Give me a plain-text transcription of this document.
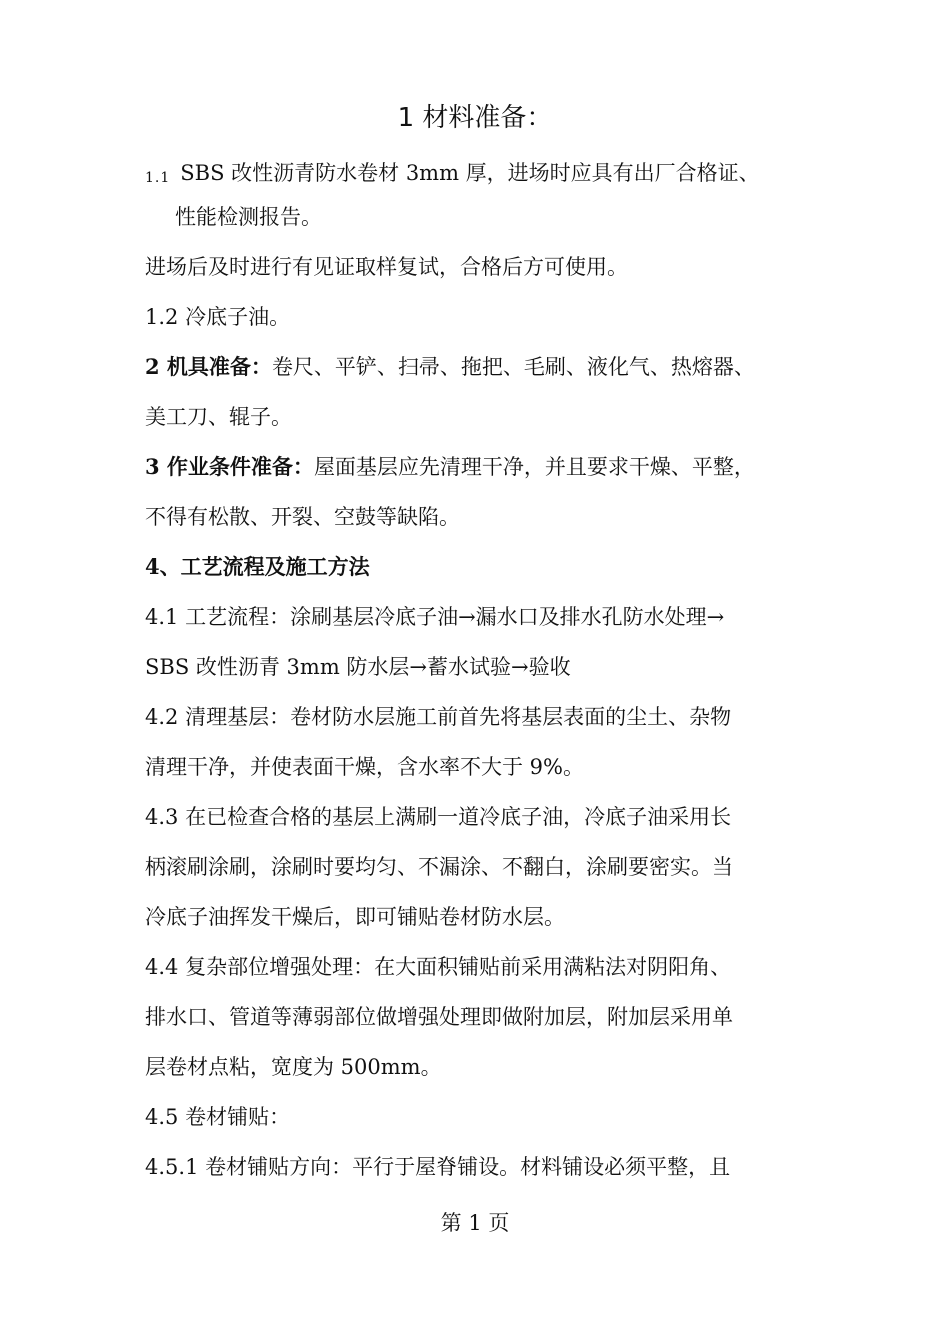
1 材料准备：

1.1 SBS 改性沥青防水卷材 3mm 厚，进场时应具有出厂合格证、

性能检测报告。

进场后及时进行有见证取样复试，合格后方可使用。

1.2 冷底子油。

2 机具准备：卷尺、平铲、扫帚、拖把、毛刷、液化气、热熔器、

美工刀、辊子。

3 作业条件准备：屋面基层应先清理干净，并且要求干燥、平整，

不得有松散、开裂、空鼓等缺陷。

4、工艺流程及施工方法

4.1 工艺流程：涂刷基层冷底子油→漏水口及排水孔防水处理→

SBS 改性沥青 3mm 防水层→蓄水试验→验收

4.2 清理基层：卷材防水层施工前首先将基层表面的尘土、杂物

清理干净，并使表面干燥，含水率不大于 9%。

4.3 在已检查合格的基层上满刷一道冷底子油，冷底子油采用长

柄滚刷涂刷，涂刷时要均匀、不漏涂、不翻白，涂刷要密实。当

冷底子油挥发干燥后，即可铺贴卷材防水层。

4.4 复杂部位增强处理：在大面积铺贴前采用满粘法对阴阳角、

排水口、管道等薄弱部位做增强处理即做附加层，附加层采用单

层卷材点粘，宽度为 500mm。

4.5 卷材铺贴：

4.5.1 卷材铺贴方向：平行于屋脊铺设。材料铺设必须平整，且

第 1 页
